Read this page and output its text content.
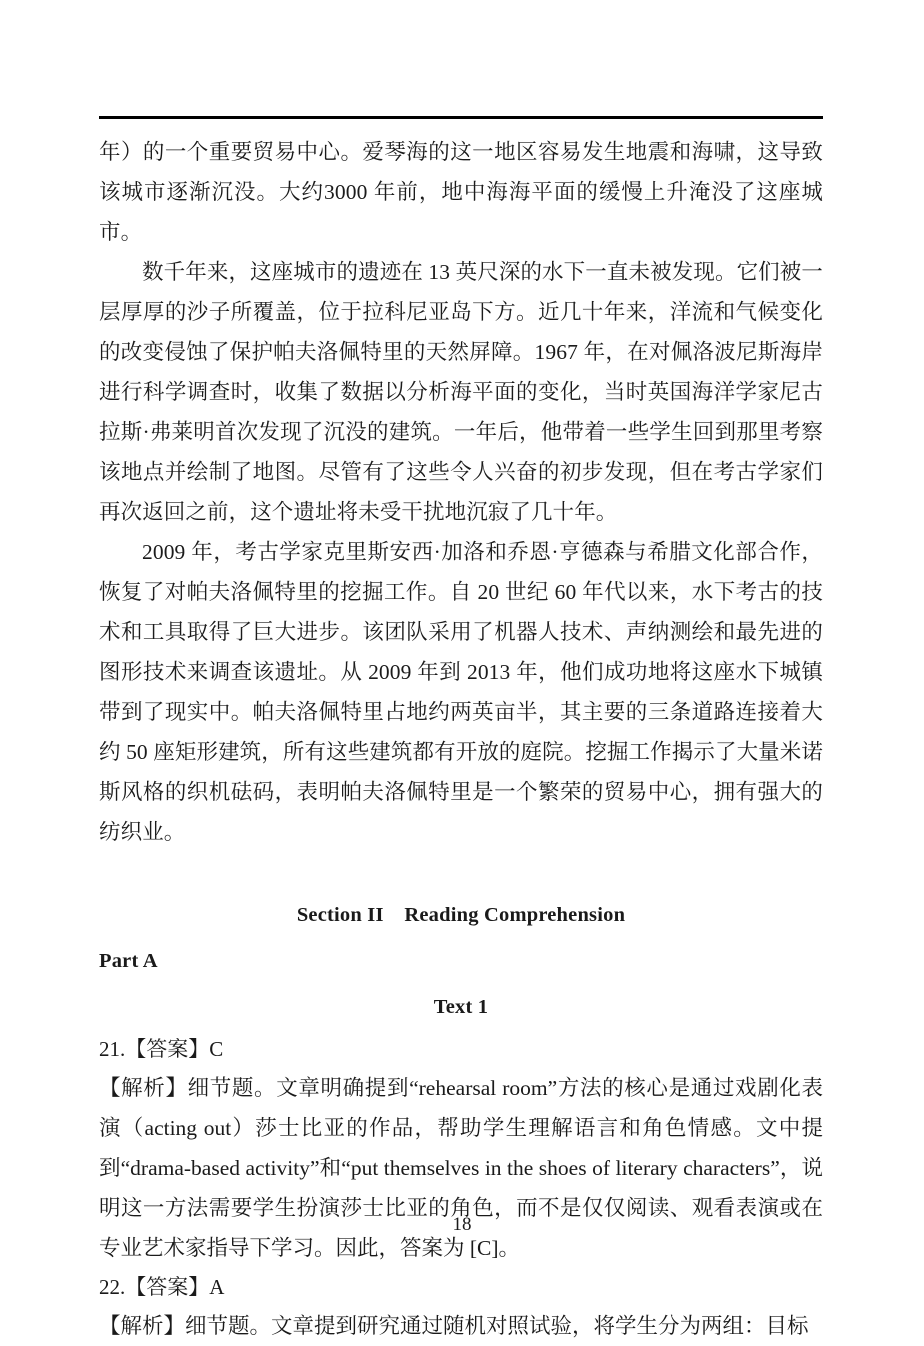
年）的一个重要贸易中心。爱琴海的这一地区容易发生地震和海啸，这导致该城市逐渐沉没。大约3000 年前，地中海海平面的缓慢上升淹没了这座城市。

数千年来，这座城市的遗迹在 13 英尺深的水下一直未被发现。它们被一层厚厚的沙子所覆盖，位于拉科尼亚岛下方。近几十年来，洋流和气候变化的改变侵蚀了保护帕夫洛佩特里的天然屏障。1967 年，在对佩洛波尼斯海岸进行科学调查时，收集了数据以分析海平面的变化，当时英国海洋学家尼古拉斯·弗莱明首次发现了沉没的建筑。一年后，他带着一些学生回到那里考察该地点并绘制了地图。尽管有了这些令人兴奋的初步发现，但在考古学家们再次返回之前，这个遗址将未受干扰地沉寂了几十年。

2009 年，考古学家克里斯安西·加洛和乔恩·亨德森与希腊文化部合作，恢复了对帕夫洛佩特里的挖掘工作。自 20 世纪 60 年代以来，水下考古的技术和工具取得了巨大进步。该团队采用了机器人技术、声纳测绘和最先进的图形技术来调查该遗址。从 2009 年到 2013 年，他们成功地将这座水下城镇带到了现实中。帕夫洛佩特里占地约两英亩半，其主要的三条道路连接着大约 50 座矩形建筑，所有这些建筑都有开放的庭院。挖掘工作揭示了大量米诺斯风格的织机砝码，表明帕夫洛佩特里是一个繁荣的贸易中心，拥有强大的纺织业。

Section II　Reading Comprehension

Part A

Text 1

21.【答案】C

【解析】细节题。文章明确提到“rehearsal room”方法的核心是通过戏剧化表演（acting out）莎士比亚的作品，帮助学生理解语言和角色情感。文中提到“drama-based activity”和“put themselves in the shoes of literary characters”，说明这一方法需要学生扮演莎士比亚的角色，而不是仅仅阅读、观看表演或在专业艺术家指导下学习。因此，答案为 [C]。

22.【答案】A

【解析】细节题。文章提到研究通过随机对照试验，将学生分为两组：目标

18
